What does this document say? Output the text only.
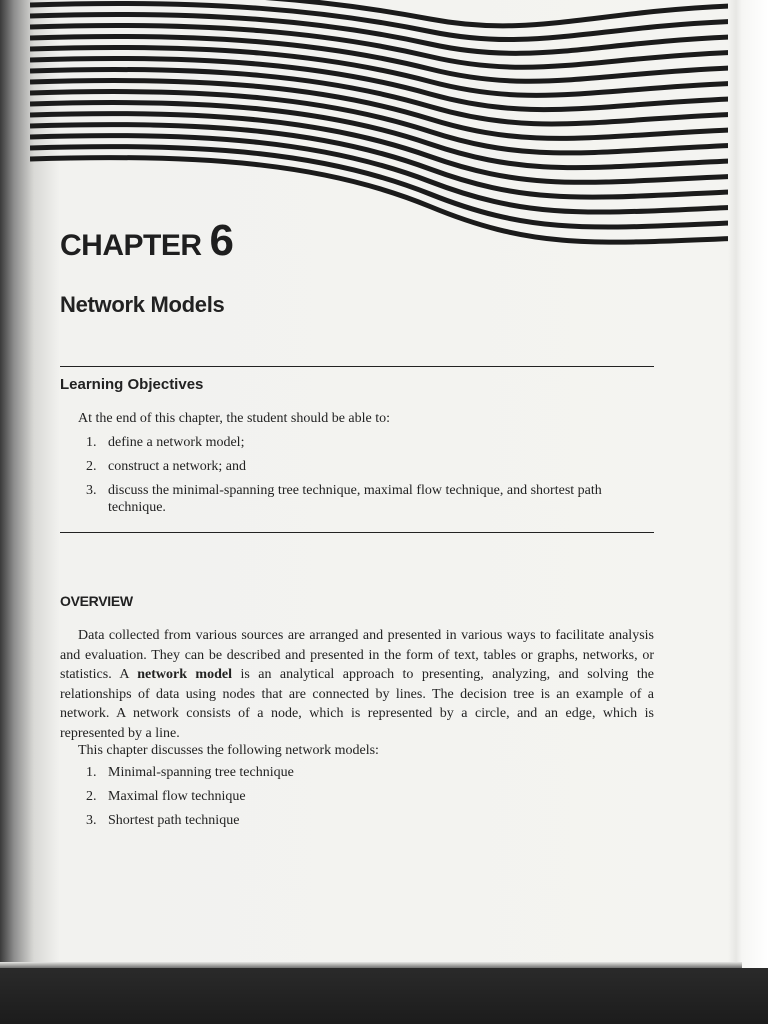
CHAPTER 6
Network Models
Learning Objectives

At the end of this chapter, the student should be able to:

1. define a network model;
2. construct a network; and
3. discuss the minimal-spanning tree technique, maximal flow technique, and shortest path technique.
OVERVIEW

Data collected from various sources are arranged and presented in various ways to facilitate analysis and evaluation. They can be described and presented in the form of text, tables or graphs, networks, or statistics. A network model is an analytical approach to presenting, analyzing, and solving the relationships of data using nodes that are connected by lines. The decision tree is an example of a network. A network consists of a node, which is represented by a circle, and an edge, which is represented by a line.

This chapter discusses the following network models:

1. Minimal-spanning tree technique
2. Maximal flow technique
3. Shortest path technique
